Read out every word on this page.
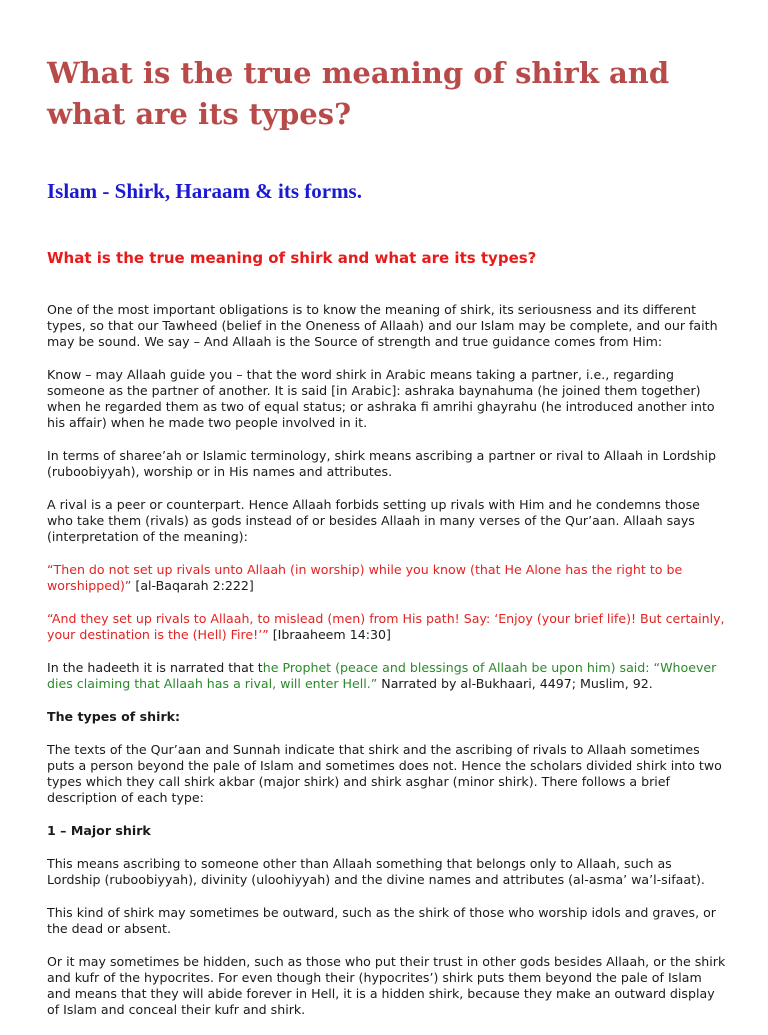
What is the true meaning of shirk and what are its types?
Islam - Shirk, Haraam & its forms.
What is the true meaning of shirk and what are its types?

One of the most important obligations is to know the meaning of shirk, its seriousness and its different types, so that our Tawheed (belief in the Oneness of Allaah) and our Islam may be complete, and our faith may be sound. We say – And Allaah is the Source of strength and true guidance comes from Him:

Know – may Allaah guide you – that the word shirk in Arabic means taking a partner, i.e., regarding someone as the partner of another. It is said [in Arabic]: ashraka baynahuma (he joined them together) when he regarded them as two of equal status; or ashraka fi amrihi ghayrahu (he introduced another into his affair) when he made two people involved in it.

In terms of sharee’ah or Islamic terminology, shirk means ascribing a partner or rival to Allaah in Lordship (ruboobiyyah), worship or in His names and attributes.

A rival is a peer or counterpart. Hence Allaah forbids setting up rivals with Him and he condemns those who take them (rivals) as gods instead of or besides Allaah in many verses of the Qur’aan. Allaah says (interpretation of the meaning):

“Then do not set up rivals unto Allaah (in worship) while you know (that He Alone has the right to be worshipped)” [al-Baqarah 2:222]

“And they set up rivals to Allaah, to mislead (men) from His path! Say: ‘Enjoy (your brief life)! But certainly, your destination is the (Hell) Fire!’” [Ibraaheem 14:30]

In the hadeeth it is narrated that the Prophet (peace and blessings of Allaah be upon him) said: “Whoever dies claiming that Allaah has a rival, will enter Hell.” Narrated by al-Bukhaari, 4497; Muslim, 92.

The types of shirk:

The texts of the Qur’aan and Sunnah indicate that shirk and the ascribing of rivals to Allaah sometimes puts a person beyond the pale of Islam and sometimes does not. Hence the scholars divided shirk into two types which they call shirk akbar (major shirk) and shirk asghar (minor shirk). There follows a brief description of each type:

1 – Major shirk

This means ascribing to someone other than Allaah something that belongs only to Allaah, such as Lordship (ruboobiyyah), divinity (uloohiyyah) and the divine names and attributes (al-asma’ wa’l-sifaat).

This kind of shirk may sometimes be outward, such as the shirk of those who worship idols and graves, or the dead or absent.

Or it may sometimes be hidden, such as those who put their trust in other gods besides Allaah, or the shirk and kufr of the hypocrites. For even though their (hypocrites’) shirk puts them beyond the pale of Islam and means that they will abide forever in Hell, it is a hidden shirk, because they make an outward display of Islam and conceal their kufr and shirk.
